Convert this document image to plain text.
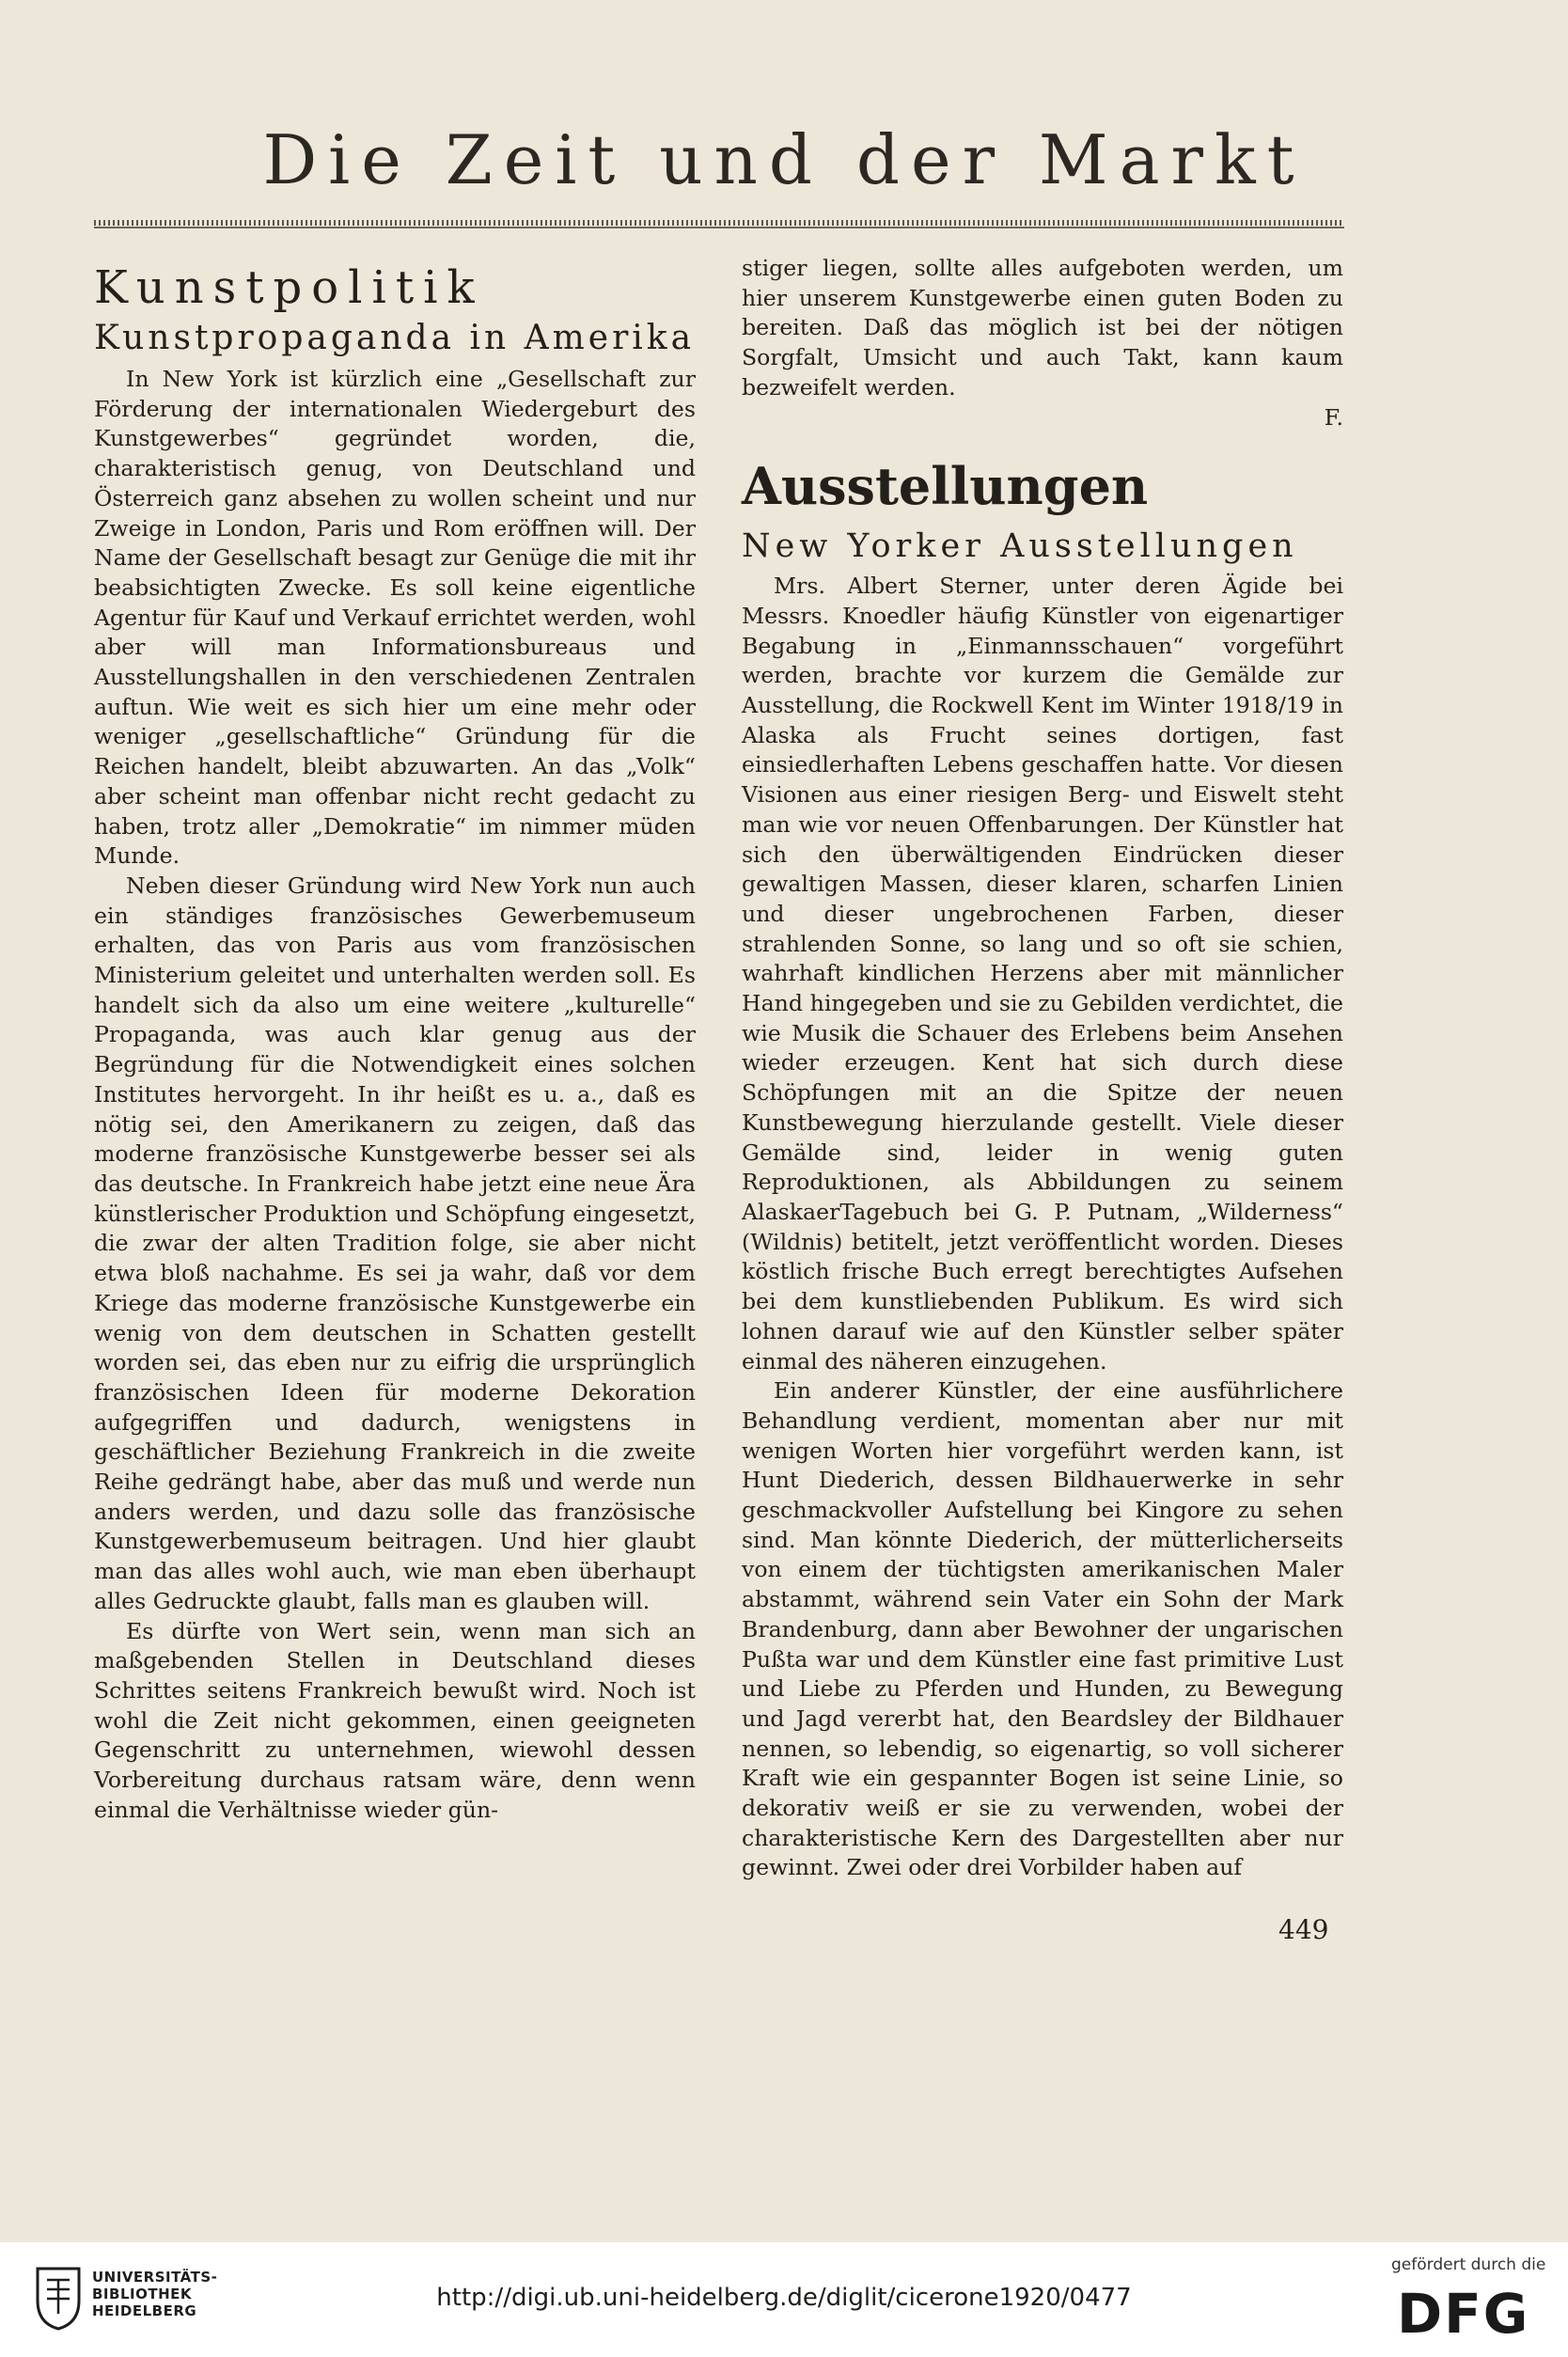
Die Zeit und der Markt
Kunstpolitik
Kunstpropaganda in Amerika

In New York ist kürzlich eine „Gesellschaft zur Förderung der internationalen Wiedergeburt des Kunstgewerbes“ gegründet worden, die, charakteristisch genug, von Deutschland und Österreich ganz absehen zu wollen scheint und nur Zweige in London, Paris und Rom eröffnen will. Der Name der Gesellschaft besagt zur Genüge die mit ihr beabsichtigten Zwecke. Es soll keine eigentliche Agentur für Kauf und Verkauf errichtet werden, wohl aber will man Informationsbureaus und Ausstellungshallen in den verschiedenen Zentralen auftun. Wie weit es sich hier um eine mehr oder weniger „gesellschaftliche“ Gründung für die Reichen handelt, bleibt abzuwarten. An das „Volk“ aber scheint man offenbar nicht recht gedacht zu haben, trotz aller „Demokratie“ im nimmer müden Munde.

Neben dieser Gründung wird New York nun auch ein ständiges französisches Gewerbemuseum erhalten, das von Paris aus vom französischen Ministerium geleitet und unterhalten werden soll. Es handelt sich da also um eine weitere „kulturelle“ Propaganda, was auch klar genug aus der Begründung für die Notwendigkeit eines solchen Institutes hervorgeht. In ihr heißt es u. a., daß es nötig sei, den Amerikanern zu zeigen, daß das moderne französische Kunstgewerbe besser sei als das deutsche. In Frankreich habe jetzt eine neue Ära künstlerischer Produktion und Schöpfung eingesetzt, die zwar der alten Tradition folge, sie aber nicht etwa bloß nachahme. Es sei ja wahr, daß vor dem Kriege das moderne französische Kunstgewerbe ein wenig von dem deutschen in Schatten gestellt worden sei, das eben nur zu eifrig die ursprünglich französischen Ideen für moderne Dekoration aufgegriffen und dadurch, wenigstens in geschäftlicher Beziehung Frankreich in die zweite Reihe gedrängt habe, aber das muß und werde nun anders werden, und dazu solle das französische Kunstgewerbemuseum beitragen. Und hier glaubt man das alles wohl auch, wie man eben überhaupt alles Gedruckte glaubt, falls man es glauben will.

Es dürfte von Wert sein, wenn man sich an maßgebenden Stellen in Deutschland dieses Schrittes seitens Frankreich bewußt wird. Noch ist wohl die Zeit nicht gekommen, einen geeigneten Gegenschritt zu unternehmen, wiewohl dessen Vorbereitung durchaus ratsam wäre, denn wenn einmal die Verhältnisse wieder gün-

stiger liegen, sollte alles aufgeboten werden, um hier unserem Kunstgewerbe einen guten Boden zu bereiten. Daß das möglich ist bei der nötigen Sorgfalt, Umsicht und auch Takt, kann kaum bezweifelt werden.

F.
Ausstellungen
New Yorker Ausstellungen

Mrs. Albert Sterner, unter deren Ägide bei Messrs. Knoedler häufig Künstler von eigenartiger Begabung in „Einmannsschauen“ vorgeführt werden, brachte vor kurzem die Gemälde zur Ausstellung, die Rockwell Kent im Winter 1918/19 in Alaska als Frucht seines dortigen, fast einsiedlerhaften Lebens geschaffen hatte. Vor diesen Visionen aus einer riesigen Berg- und Eiswelt steht man wie vor neuen Offenbarungen. Der Künstler hat sich den überwältigenden Eindrücken dieser gewaltigen Massen, dieser klaren, scharfen Linien und dieser ungebrochenen Farben, dieser strahlenden Sonne, so lang und so oft sie schien, wahrhaft kindlichen Herzens aber mit männlicher Hand hingegeben und sie zu Gebilden verdichtet, die wie Musik die Schauer des Erlebens beim Ansehen wieder erzeugen. Kent hat sich durch diese Schöpfungen mit an die Spitze der neuen Kunstbewegung hierzulande gestellt. Viele dieser Gemälde sind, leider in wenig guten Reproduktionen, als Abbildungen zu seinem AlaskaerTagebuch bei G. P. Putnam, „Wilderness“ (Wildnis) betitelt, jetzt veröffentlicht worden. Dieses köstlich frische Buch erregt berechtigtes Aufsehen bei dem kunstliebenden Publikum. Es wird sich lohnen darauf wie auf den Künstler selber später einmal des näheren einzugehen.

Ein anderer Künstler, der eine ausführlichere Behandlung verdient, momentan aber nur mit wenigen Worten hier vorgeführt werden kann, ist Hunt Diederich, dessen Bildhauerwerke in sehr geschmackvoller Aufstellung bei Kingore zu sehen sind. Man könnte Diederich, der mütterlicherseits von einem der tüchtigsten amerikanischen Maler abstammt, während sein Vater ein Sohn der Mark Brandenburg, dann aber Bewohner der ungarischen Pußta war und dem Künstler eine fast primitive Lust und Liebe zu Pferden und Hunden, zu Bewegung und Jagd vererbt hat, den Beardsley der Bildhauer nennen, so lebendig, so eigenartig, so voll sicherer Kraft wie ein gespannter Bogen ist seine Linie, so dekorativ weiß er sie zu verwenden, wobei der charakteristische Kern des Dargestellten aber nur gewinnt. Zwei oder drei Vorbilder haben auf

449
UNIVERSITÄTS-
BIBLIOTHEK
HEIDELBERG	http://digi.ub.uni-heidelberg.de/diglit/cicerone1920/0477
gefördert durch die
DFG
